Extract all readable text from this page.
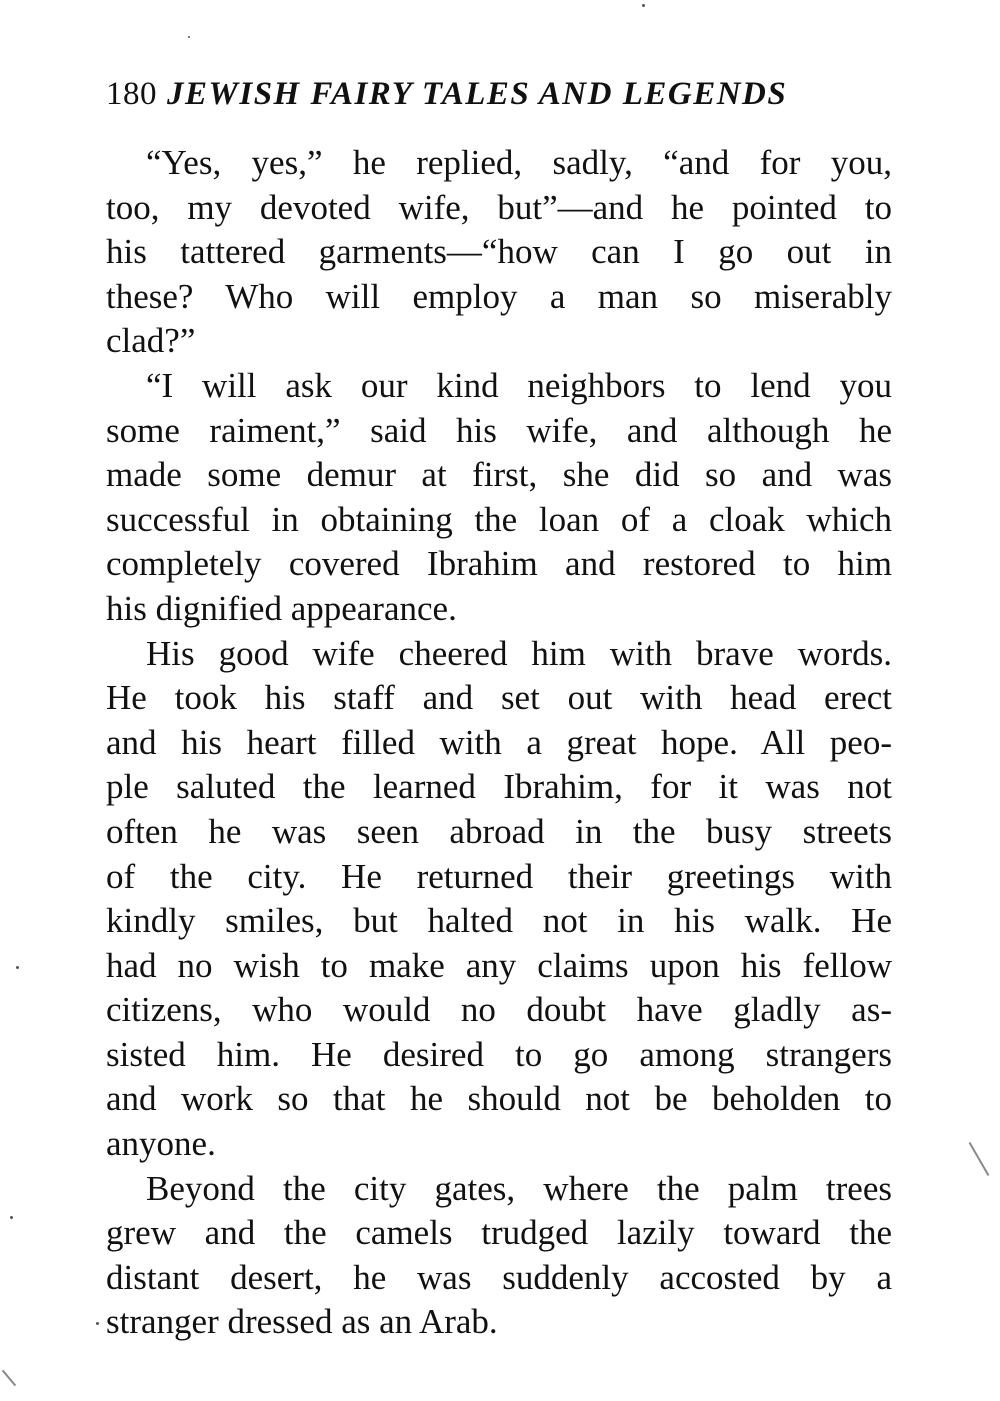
180 JEWISH FAIRY TALES AND LEGENDS
“Yes, yes,” he replied, sadly, “and for you,
too, my devoted wife, but”—and he pointed to
his tattered garments—“how can I go out in
these? Who will employ a man so miserably
clad?”
“I will ask our kind neighbors to lend you
some raiment,” said his wife, and although he
made some demur at first, she did so and was
successful in obtaining the loan of a cloak which
completely covered Ibrahim and restored to him
his dignified appearance.
His good wife cheered him with brave words.
He took his staff and set out with head erect
and his heart filled with a great hope. All peo-
ple saluted the learned Ibrahim, for it was not
often he was seen abroad in the busy streets
of the city. He returned their greetings with
kindly smiles, but halted not in his walk. He
had no wish to make any claims upon his fellow
citizens, who would no doubt have gladly as-
sisted him. He desired to go among strangers
and work so that he should not be beholden to
anyone.
Beyond the city gates, where the palm trees
grew and the camels trudged lazily toward the
distant desert, he was suddenly accosted by a
stranger dressed as an Arab.
